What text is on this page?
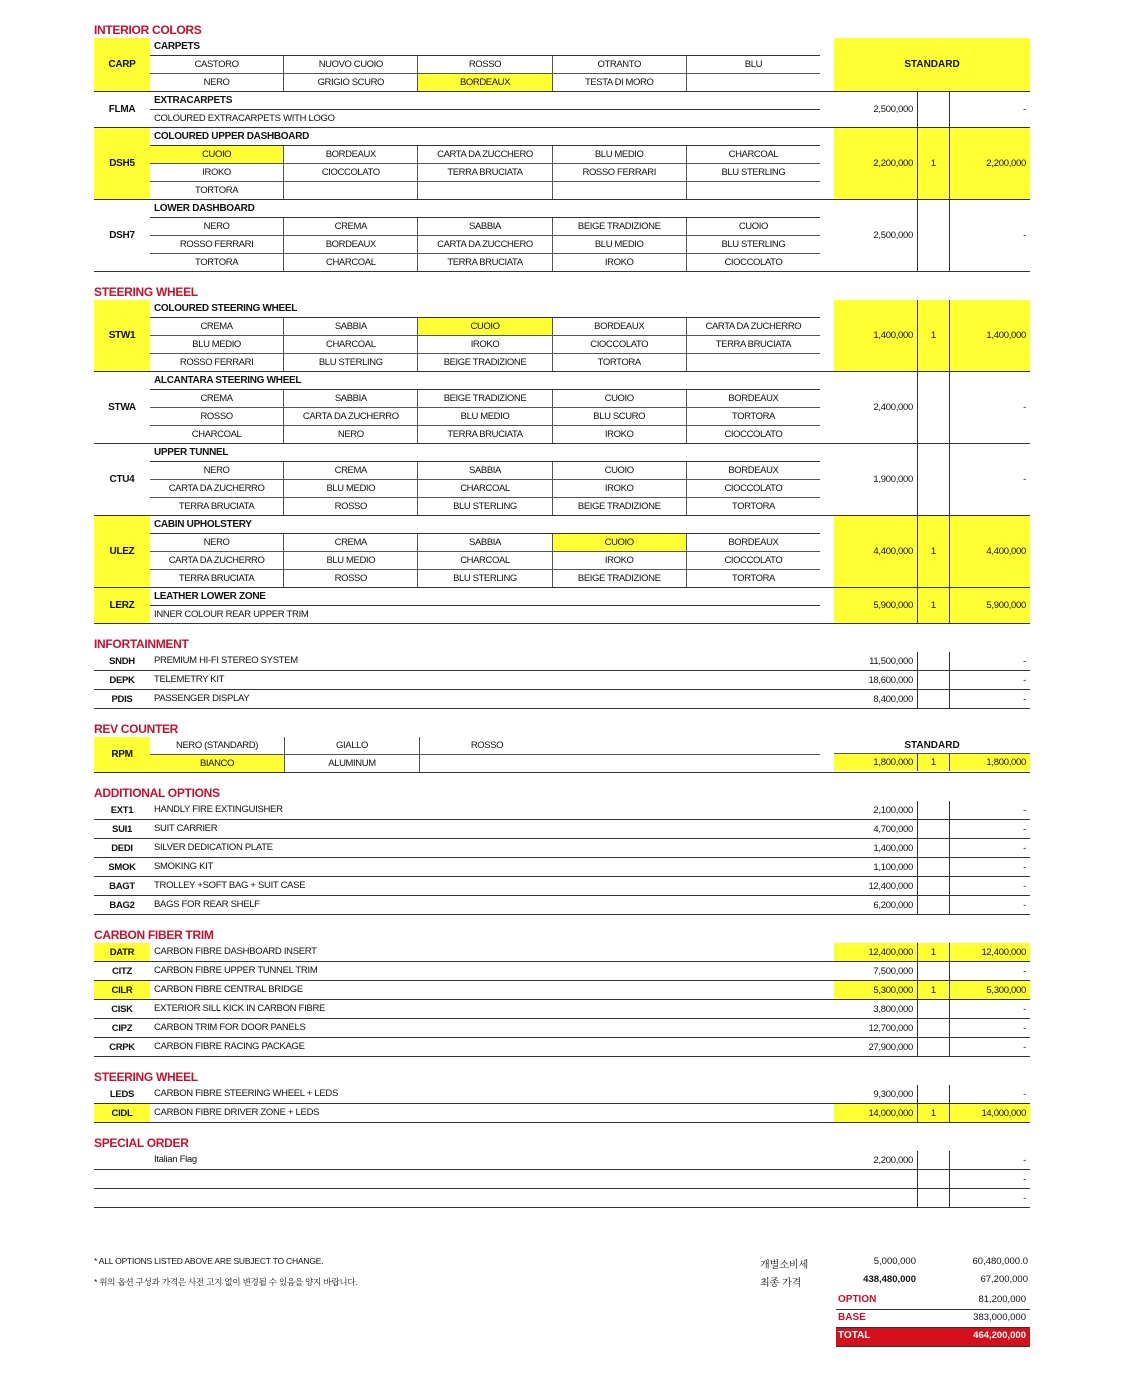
INTERIOR COLORS
CARP
CARPETS
CASTORO	NUOVO CUOIO	ROSSO	OTRANTO	BLU
NERO	GRIGIO SCURO	BORDEAUX	TESTA DI MORO
STANDARD
FLMA
EXTRACARPETS
COLOURED EXTRACARPETS WITH LOGO
2,500,000	-
DSH5
COLOURED UPPER DASHBOARD
CUOIO	BORDEAUX	CARTA DA ZUCCHERO	BLU MEDIO	CHARCOAL
IROKO	CIOCCOLATO	TERRA BRUCIATA	ROSSO FERRARI	BLU STERLING
TORTORA
2,200,000	1	2,200,000
DSH7
LOWER DASHBOARD
NERO	CREMA	SABBIA	BEIGE TRADIZIONE	CUOIO
ROSSO FERRARI	BORDEAUX	CARTA DA ZUCCHERO	BLU MEDIO	BLU STERLING
TORTORA	CHARCOAL	TERRA BRUCIATA	IROKO	CIOCCOLATO
2,500,000	-
STEERING WHEEL
STW1
COLOURED STEERING WHEEL
CREMA	SABBIA	CUOIO	BORDEAUX	CARTA DA ZUCHERRO
BLU MEDIO	CHARCOAL	IROKO	CIOCCOLATO	TERRA BRUCIATA
ROSSO FERRARI	BLU STERLING	BEIGE TRADIZIONE	TORTORA
1,400,000	1	1,400,000
STWA
ALCANTARA STEERING WHEEL
CREMA	SABBIA	BEIGE TRADIZIONE	CUOIO	BORDEAUX
ROSSO	CARTA DA ZUCHERRO	BLU MEDIO	BLU SCURO	TORTORA
CHARCOAL	NERO	TERRA BRUCIATA	IROKO	CIOCCOLATO
2,400,000	-
CTU4
UPPER TUNNEL
NERO	CREMA	SABBIA	CUOIO	BORDEAUX
CARTA DA ZUCHERRO	BLU MEDIO	CHARCOAL	IROKO	CIOCCOLATO
TERRA BRUCIATA	ROSSO	BLU STERLING	BEIGE TRADIZIONE	TORTORA
1,900,000	-
ULEZ
CABIN UPHOLSTERY
NERO	CREMA	SABBIA	CUOIO	BORDEAUX
CARTA DA ZUCHERRO	BLU MEDIO	CHARCOAL	IROKO	CIOCCOLATO
TERRA BRUCIATA	ROSSO	BLU STERLING	BEIGE TRADIZIONE	TORTORA
4,400,000	1	4,400,000
LERZ
LEATHER LOWER ZONE
INNER COLOUR REAR UPPER TRIM
5,900,000	1	5,900,000
INFORTAINMENT
SNDH	PREMIUM HI-FI STEREO SYSTEM	11,500,000	-
DEPK	TELEMETRY KIT	18,600,000	-
PDIS	PASSENGER DISPLAY	8,400,000	-
REV COUNTER
RPM
NERO (STANDARD)	GIALLO	ROSSO
BIANCO	ALUMINUM
STANDARD
1,800,000	1	1,800,000
ADDITIONAL OPTIONS
EXT1	HANDLY FIRE EXTINGUISHER	2,100,000	-
SUI1	SUIT CARRIER	4,700,000	-
DEDI	SILVER DEDICATION PLATE	1,400,000	-
SMOK	SMOKING KIT	1,100,000	-
BAGT	TROLLEY +SOFT BAG + SUIT CASE	12,400,000	-
BAG2	BAGS FOR REAR SHELF	6,200,000	-
CARBON FIBER TRIM
DATR	CARBON FIBRE DASHBOARD INSERT	12,400,000	1	12,400,000
CITZ	CARBON FIBRE UPPER TUNNEL TRIM	7,500,000	-
CILR	CARBON FIBRE CENTRAL BRIDGE	5,300,000	1	5,300,000
CISK	EXTERIOR SILL KICK IN CARBON FIBRE	3,800,000	-
CIPZ	CARBON TRIM FOR DOOR PANELS	12,700,000	-
CRPK	CARBON FIBRE RACING PACKAGE	27,900,000	-
STEERING WHEEL
LEDS	CARBON FIBRE STEERING WHEEL + LEDS	9,300,000	-
CIDL	CARBON FIBRE DRIVER ZONE + LEDS	14,000,000	1	14,000,000
SPECIAL ORDER
Italian Flag	2,200,000	-
-
-
* ALL OPTIONS LISTED ABOVE ARE SUBJECT TO CHANGE.
* 위의 옵션 구성과 가격은 사전 고지 없이 변경될 수 있음을 양지 바랍니다.
개별소비세	5,000,000	60,480,000.0
최종 가격	438,480,000	67,200,000
OPTION	81,200,000
BASE	383,000,000
TOTAL	464,200,000
